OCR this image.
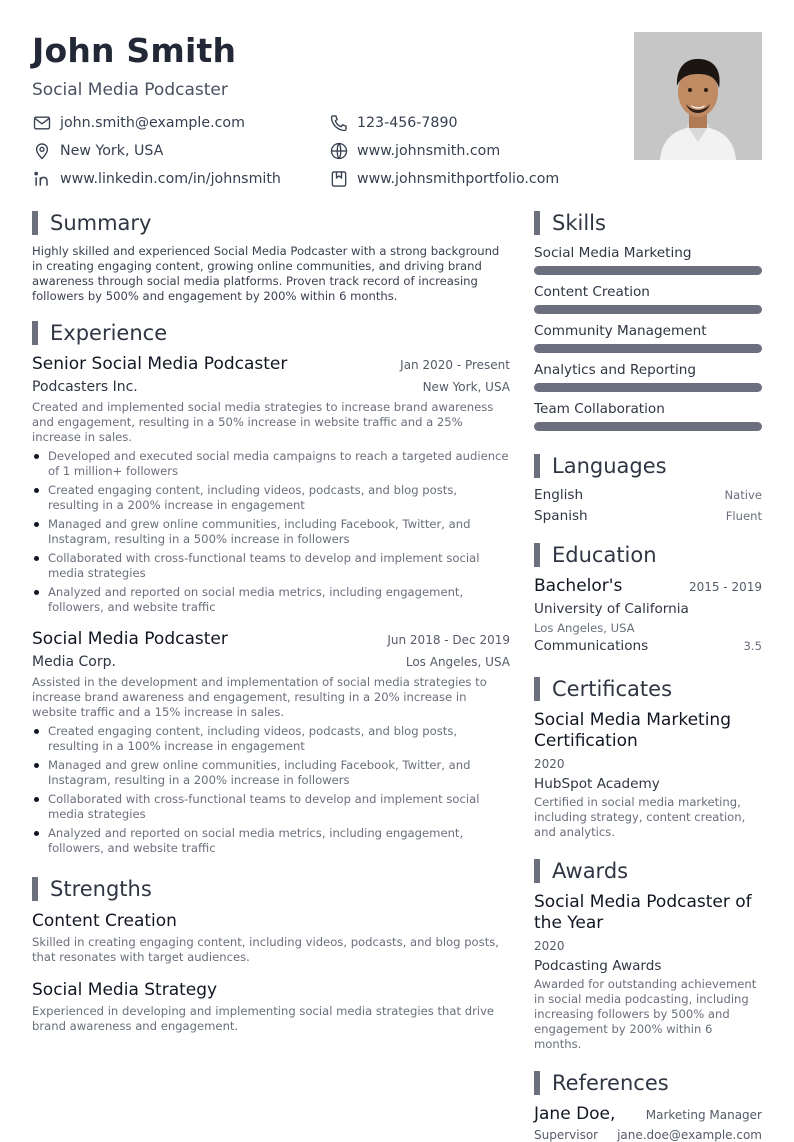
John Smith
Social Media Podcaster
john.smith@example.com	123-456-7890
New York, USA	www.johnsmith.com
www.linkedin.com/in/johnsmith	www.johnsmithportfolio.com
Summary
Highly skilled and experienced Social Media Podcaster with a strong background in creating engaging content, growing online communities, and driving brand awareness through social media platforms. Proven track record of increasing followers by 500% and engagement by 200% within 6 months.
Experience
Senior Social Media Podcaster	Jan 2020 - Present
Podcasters Inc.	New York, USA
Created and implemented social media strategies to increase brand awareness and engagement, resulting in a 50% increase in website traffic and a 25% increase in sales.
Developed and executed social media campaigns to reach a targeted audience of 1 million+ followers
Created engaging content, including videos, podcasts, and blog posts, resulting in a 200% increase in engagement
Managed and grew online communities, including Facebook, Twitter, and Instagram, resulting in a 500% increase in followers
Collaborated with cross-functional teams to develop and implement social media strategies
Analyzed and reported on social media metrics, including engagement, followers, and website traffic
Social Media Podcaster	Jun 2018 - Dec 2019
Media Corp.	Los Angeles, USA
Assisted in the development and implementation of social media strategies to increase brand awareness and engagement, resulting in a 20% increase in website traffic and a 15% increase in sales.
Created engaging content, including videos, podcasts, and blog posts, resulting in a 100% increase in engagement
Managed and grew online communities, including Facebook, Twitter, and Instagram, resulting in a 200% increase in followers
Collaborated with cross-functional teams to develop and implement social media strategies
Analyzed and reported on social media metrics, including engagement, followers, and website traffic
Strengths
Content Creation
Skilled in creating engaging content, including videos, podcasts, and blog posts, that resonates with target audiences.
Social Media Strategy
Experienced in developing and implementing social media strategies that drive brand awareness and engagement.
Skills
Social Media Marketing
Content Creation
Community Management
Analytics and Reporting
Team Collaboration
Languages
English	Native
Spanish	Fluent
Education
Bachelor's	2015 - 2019
University of California
Los Angeles, USA
Communications	3.5
Certificates
Social Media Marketing Certification
2020
HubSpot Academy
Certified in social media marketing, including strategy, content creation, and analytics.
Awards
Social Media Podcaster of the Year
2020
Podcasting Awards
Awarded for outstanding achievement in social media podcasting, including increasing followers by 500% and engagement by 200% within 6 months.
References
Jane Doe,	Marketing Manager
Supervisor jane.doe@example.com
